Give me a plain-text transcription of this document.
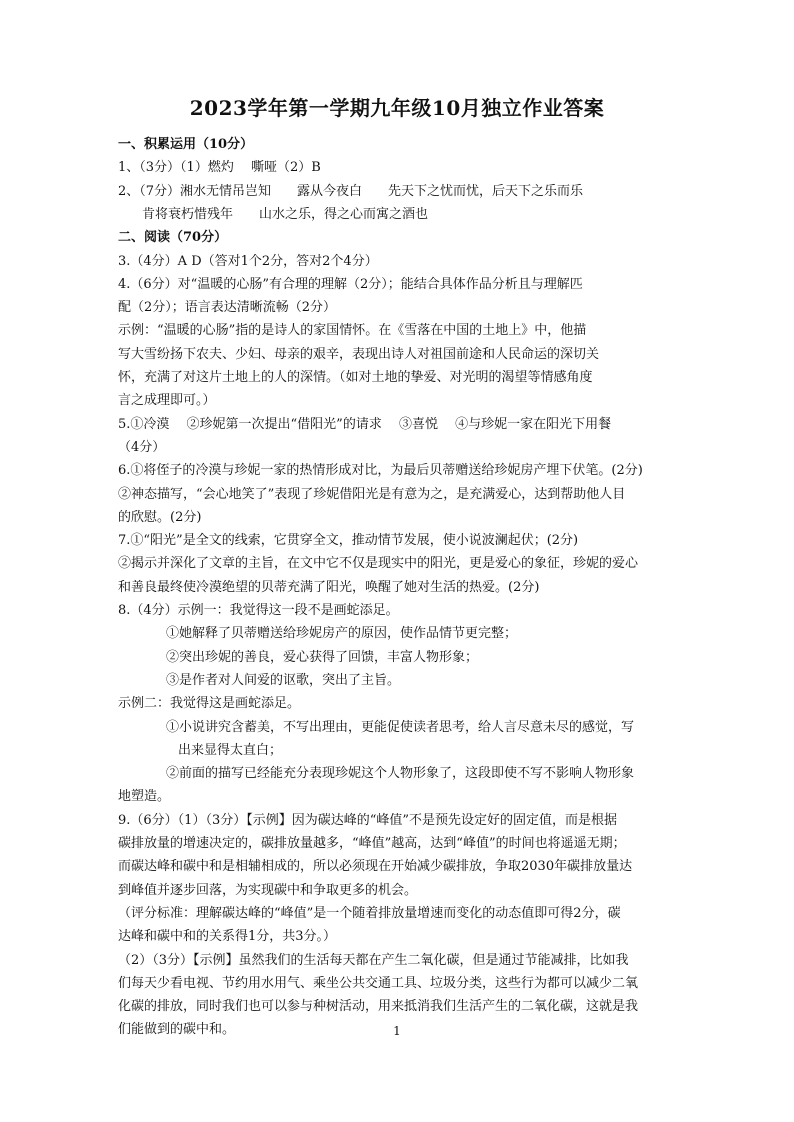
2023学年第一学期九年级10月独立作业答案
一、积累运用（10分）
1、（3分）（1）燃灼　 嘶哑（2）B
2、（7分）湘水无情吊岂知　　露从今夜白　　先天下之忧而忧，后天下之乐而乐
肯将衰朽惜残年　　山水之乐，得之心而寓之酒也
二、阅读（70分）
3.（4分）A D（答对1个2分，答对2个4分）
4.（6分）对“温暖的心肠”有合理的理解（2分）；能结合具体作品分析且与理解匹
配（2分）；语言表达清晰流畅（2分）
示例：“温暖的心肠”指的是诗人的家国情怀。在《雪落在中国的土地上》中，他描
写大雪纷扬下农夫、少妇、母亲的艰辛，表现出诗人对祖国前途和人民命运的深切关
怀，充满了对这片土地上的人的深情。（如对土地的挚爱、对光明的渴望等情感角度
言之成理即可。）
5.①冷漠　 ②珍妮第一次提出“借阳光”的请求　 ③喜悦　 ④与珍妮一家在阳光下用餐
（4分）
6.①将侄子的冷漠与珍妮一家的热情形成对比，为最后贝蒂赠送给珍妮房产埋下伏笔。(2分)
②神态描写，“会心地笑了”表现了珍妮借阳光是有意为之，是充满爱心，达到帮助他人目
的欣慰。(2分)
7.①“阳光”是全文的线索，它贯穿全文，推动情节发展，使小说波澜起伏；(2分)
②揭示并深化了文章的主旨，在文中它不仅是现实中的阳光，更是爱心的象征，珍妮的爱心
和善良最终使冷漠绝望的贝蒂充满了阳光，唤醒了她对生活的热爱。(2分)
8.（4分）示例一：我觉得这一段不是画蛇添足。
①她解释了贝蒂赠送给珍妮房产的原因，使作品情节更完整；
②突出珍妮的善良，爱心获得了回馈，丰富人物形象；
③是作者对人间爱的讴歌，突出了主旨。
示例二：我觉得这是画蛇添足。
①小说讲究含蓄美，不写出理由，更能促使读者思考，给人言尽意未尽的感觉，写
出来显得太直白；
②前面的描写已经能充分表现珍妮这个人物形象了，这段即使不写不影响人物形象
地塑造。
9.（6分）（1）（3分）【示例】因为碳达峰的“峰值”不是预先设定好的固定值，而是根据
碳排放量的增速决定的，碳排放量越多，“峰值”越高，达到“峰值”的时间也将遥遥无期；
而碳达峰和碳中和是相辅相成的，所以必须现在开始减少碳排放，争取2030年碳排放量达
到峰值并逐步回落，为实现碳中和争取更多的机会。
（评分标准：理解碳达峰的“峰值”是一个随着排放量增速而变化的动态值即可得2分，碳
达峰和碳中和的关系得1分，共3分。）
（2）（3分）【示例】虽然我们的生活每天都在产生二氧化碳，但是通过节能减排，比如我
们每天少看电视、节约用水用气、乘坐公共交通工具、垃圾分类，这些行为都可以减少二氧
化碳的排放，同时我们也可以参与种树活动，用来抵消我们生活产生的二氧化碳，这就是我
们能做到的碳中和。	1
